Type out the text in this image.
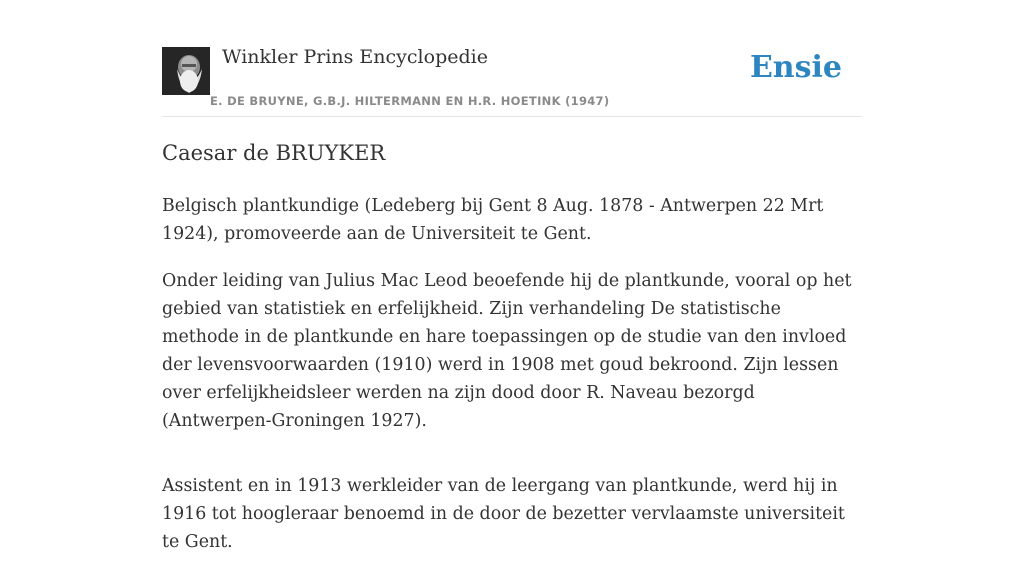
Winkler Prins Encyclopedie
E. DE BRUYNE, G.B.J. HILTERMANN EN H.R. HOETINK (1947)
Ensie
Caesar de BRUYKER

Belgisch plantkundige (Ledeberg bij Gent 8 Aug. 1878 - Antwerpen 22 Mrt 1924), promoveerde aan de Universiteit te Gent.

Onder leiding van Julius Mac Leod beoefende hij de plantkunde, vooral op het gebied van statistiek en erfelijkheid. Zijn verhandeling De statistische methode in de plantkunde en hare toepassingen op de studie van den invloed der levensvoorwaarden (1910) werd in 1908 met goud bekroond. Zijn lessen over erfelijkheidsleer werden na zijn dood door R. Naveau bezorgd (Antwerpen-Groningen 1927).

Assistent en in 1913 werkleider van de leergang van plantkunde, werd hij in 1916 tot hoogleraar benoemd in de door de bezetter vervlaamste universiteit te Gent.
